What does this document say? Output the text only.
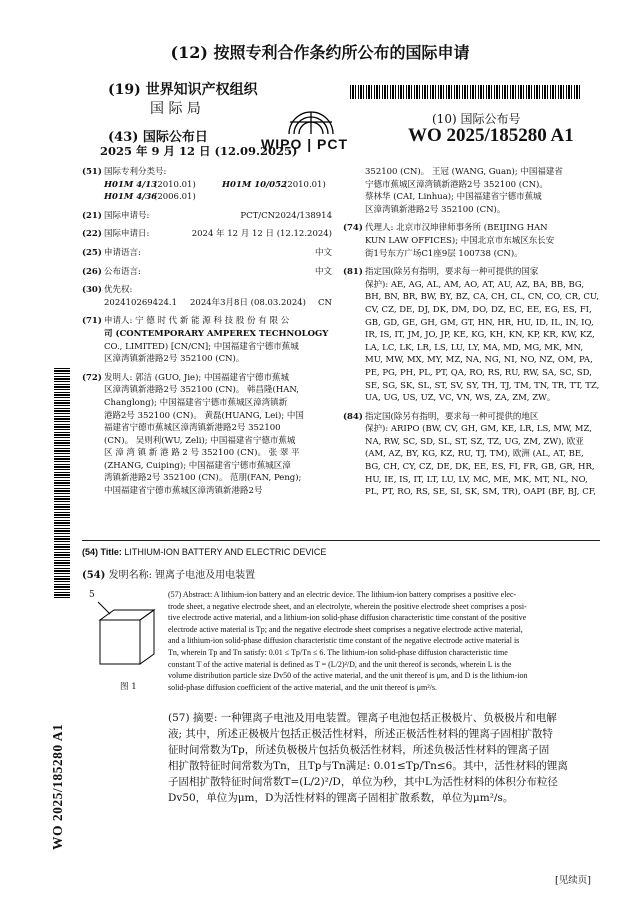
(12) 按照专利合作条约所公布的国际申请
(19) 世界知识产权组织
国 际 局
(43) 国际公布日
2025 年 9 月 12 日 (12.09.2025)
WIPO | PCT
(10) 国际公布号
WO 2025/185280 A1
(51) 国际专利分类号:
H01M 4/13
(2010.01)	H01M 10/052
(2010.01)
H01M 4/36
(2006.01)
(21) 国际申请号:	PCT/CN2024/138914
(22) 国际申请日:	2024 年 12 月 12 日 (12.12.2024)
(25) 申请语言:	中文
(26) 公布语言:	中文
(30) 优先权:
202410269424.1 2024年3月8日 (08.03.2024) CN
(71) 申请人: 宁 德 时 代 新 能 源 科 技 股 份 有 限 公
司 (CONTEMPORARY AMPEREX TECHNOLOGY
CO., LIMITED) [CN/CN]; 中国福建省宁德市蕉城
区漳湾镇新港路2号 352100 (CN)。
(72) 发明人: 郭洁 (GUO, Jie); 中国福建省宁德市蕉城
区漳湾镇新港路2号 352100 (CN)。 韩昌隆(HAN,
Changlong); 中国福建省宁德市蕉城区漳湾镇新
港路2号 352100 (CN)。 黄磊(HUANG, Lei); 中国
福建省宁德市蕉城区漳湾镇新港路2号 352100
(CN)。 吴则利(WU, Zeli); 中国福建省宁德市蕉城
区 漳 湾 镇 新 港 路 2 号 352100 (CN)。 张 翠 平
(ZHANG, Cuiping); 中国福建省宁德市蕉城区漳
湾镇新港路2号 352100 (CN)。 范朋(FAN, Peng);
中国福建省宁德市蕉城区漳湾镇新港路2号
352100 (CN)。 王冠 (WANG, Guan); 中国福建省
宁德市蕉城区漳湾镇新港路2号 352100 (CN)。
蔡林华 (CAI, Linhua); 中国福建省宁德市蕉城
区漳湾镇新港路2号 352100 (CN)。
(74) 代理人: 北京市汉坤律师事务所 (BEIJING HAN
KUN LAW OFFICES); 中国北京市东城区东长安
街1号东方广场C1座9层 100738 (CN)。
(81) 指定国(除另有指明，要求每一种可提供的国家
保护): AE, AG, AL, AM, AO, AT, AU, AZ, BA, BB, BG,
BH, BN, BR, BW, BY, BZ, CA, CH, CL, CN, CO, CR, CU,
CV, CZ, DE, DJ, DK, DM, DO, DZ, EC, EE, EG, ES, FI,
GB, GD, GE, GH, GM, GT, HN, HR, HU, ID, IL, IN, IQ,
IR, IS, IT, JM, JO, JP, KE, KG, KH, KN, KP, KR, KW, KZ,
LA, LC, LK, LR, LS, LU, LY, MA, MD, MG, MK, MN,
MU, MW, MX, MY, MZ, NA, NG, NI, NO, NZ, OM, PA,
PE, PG, PH, PL, PT, QA, RO, RS, RU, RW, SA, SC, SD,
SE, SG, SK, SL, ST, SV, SY, TH, TJ, TM, TN, TR, TT, TZ,
UA, UG, US, UZ, VC, VN, WS, ZA, ZM, ZW。
(84) 指定国(除另有指明，要求每一种可提供的地区
保护): ARIPO (BW, CV, GH, GM, KE, LR, LS, MW, MZ,
NA, RW, SC, SD, SL, ST, SZ, TZ, UG, ZM, ZW), 欧亚
(AM, AZ, BY, KG, KZ, RU, TJ, TM), 欧洲 (AL, AT, BE,
BG, CH, CY, CZ, DE, DK, EE, ES, FI, FR, GB, GR, HR,
HU, IE, IS, IT, LT, LU, LV, MC, ME, MK, MT, NL, NO,
PL, PT, RO, RS, SE, SI, SK, SM, TR), OAPI (BF, BJ, CF,
WO 2025/185280 A1
(54) Title: LITHIUM-ION BATTERY AND ELECTRIC DEVICE
(54) 发明名称: 锂离子电池及用电装置
5
图 1
(57) Abstract: A lithium-ion battery and an electric device. The lithium-ion battery comprises a positive elec-
trode sheet, a negative electrode sheet, and an electrolyte, wherein the positive electrode sheet comprises a posi-
tive electrode active material, and a lithium-ion solid-phase diffusion characteristic time constant of the positive
electrode active material is Tp; and the negative electrode sheet comprises a negative electrode active material,
and a lithium-ion solid-phase diffusion characteristic time constant of the negative electrode active material is
Tn, wherein Tp and Tn satisfy: 0.01 ≤ Tp/Tn ≤ 6. The lithium-ion solid-phase diffusion characteristic time
constant T of the active material is defined as T = (L/2)²/D, and the unit thereof is seconds, wherein L is the
volume distribution particle size Dv50 of the active material, and the unit thereof is μm, and D is the lithium-ion
solid-phase diffusion coefficient of the active material, and the unit thereof is μm²/s.
(57) 摘要: 一种锂离子电池及用电装置。锂离子电池包括正极极片、负极极片和电解
液; 其中，所述正极极片包括正极活性材料，所述正极活性材料的锂离子固相扩散特
征时间常数为Tp，所述负极极片包括负极活性材料，所述负极活性材料的锂离子固
相扩散特征时间常数为Tn，且Tp与Tn满足: 0.01≤Tp/Tn≤6。其中，活性材料的锂离
子固相扩散特征时间常数T=(L/2)²/D，单位为秒，其中L为活性材料的体积分布粒径
Dv50，单位为μm，D为活性材料的锂离子固相扩散系数，单位为μm²/s。
[见续页]
